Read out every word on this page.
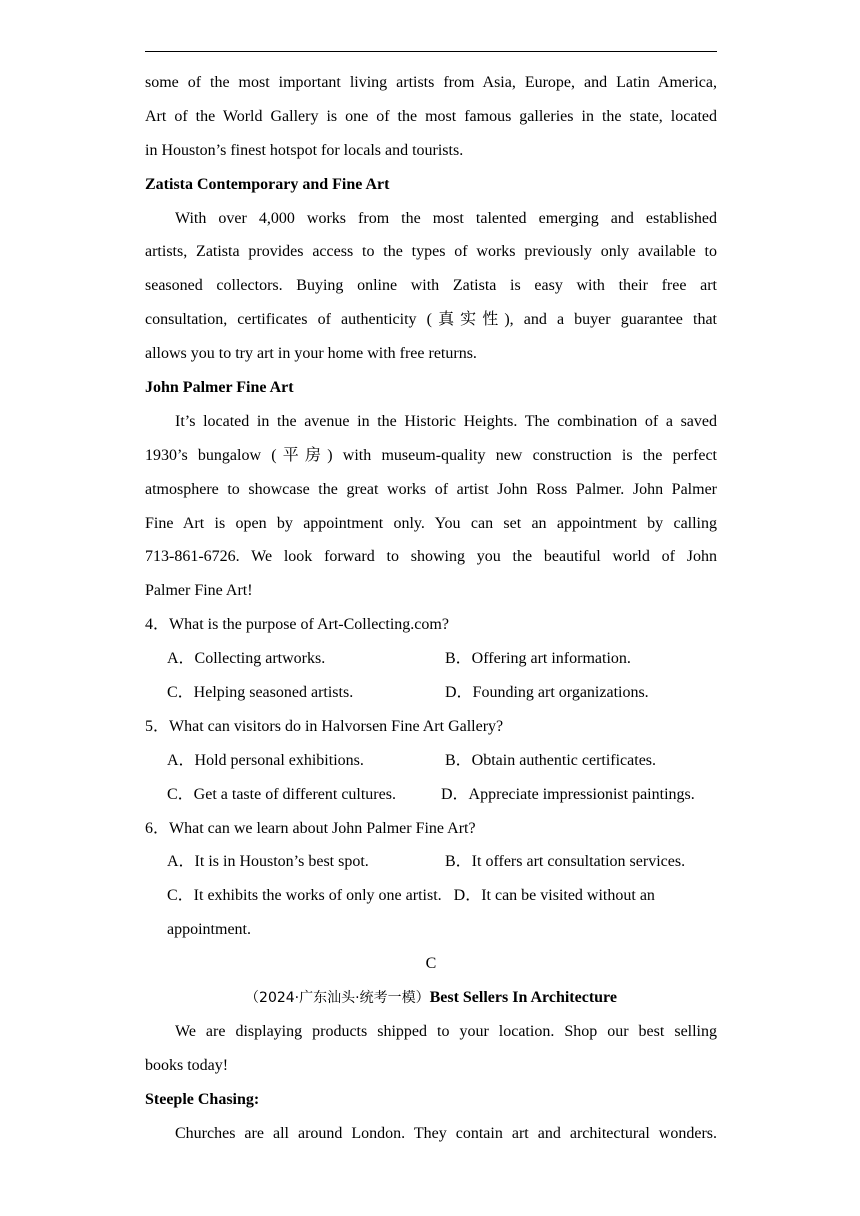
some of the most important living artists from Asia, Europe, and Latin America,
Art of the World Gallery is one of the most famous galleries in the state, located
in Houston’s finest hotspot for locals and tourists.
Zatista Contemporary and Fine Art
With over 4,000 works from the most talented emerging and established
artists, Zatista provides access to the types of works previously only available to
seasoned collectors. Buying online with Zatista is easy with their free art
consultation, certificates of authenticity (真实性), and a buyer guarantee that
allows you to try art in your home with free returns.
John Palmer Fine Art
It’s located in the avenue in the Historic Heights. The combination of a saved
1930’s bungalow (平房) with museum-quality new construction is the perfect
atmosphere to showcase the great works of artist John Ross Palmer. John Palmer
Fine Art is open by appointment only. You can set an appointment by calling
713-861-6726. We look forward to showing you the beautiful world of John
Palmer Fine Art!
4．What is the purpose of Art-Collecting.com?
A．Collecting artworks.	B．Offering art information.
C．Helping seasoned artists.	D．Founding art organizations.
5．What can visitors do in Halvorsen Fine Art Gallery?
A．Hold personal exhibitions.	B．Obtain authentic certificates.
C．Get a taste of different cultures.	D．Appreciate impressionist paintings.
6．What can we learn about John Palmer Fine Art?
A．It is in Houston’s best spot.	B．It offers art consultation services.
C．It exhibits the works of only one artist.   D．It can be visited without an
appointment.
C
（2024·广东汕头·统考一模）Best Sellers In Architecture
We are displaying products shipped to your location. Shop our best selling
books today!
Steeple Chasing:
Churches are all around London. They contain art and architectural wonders.
